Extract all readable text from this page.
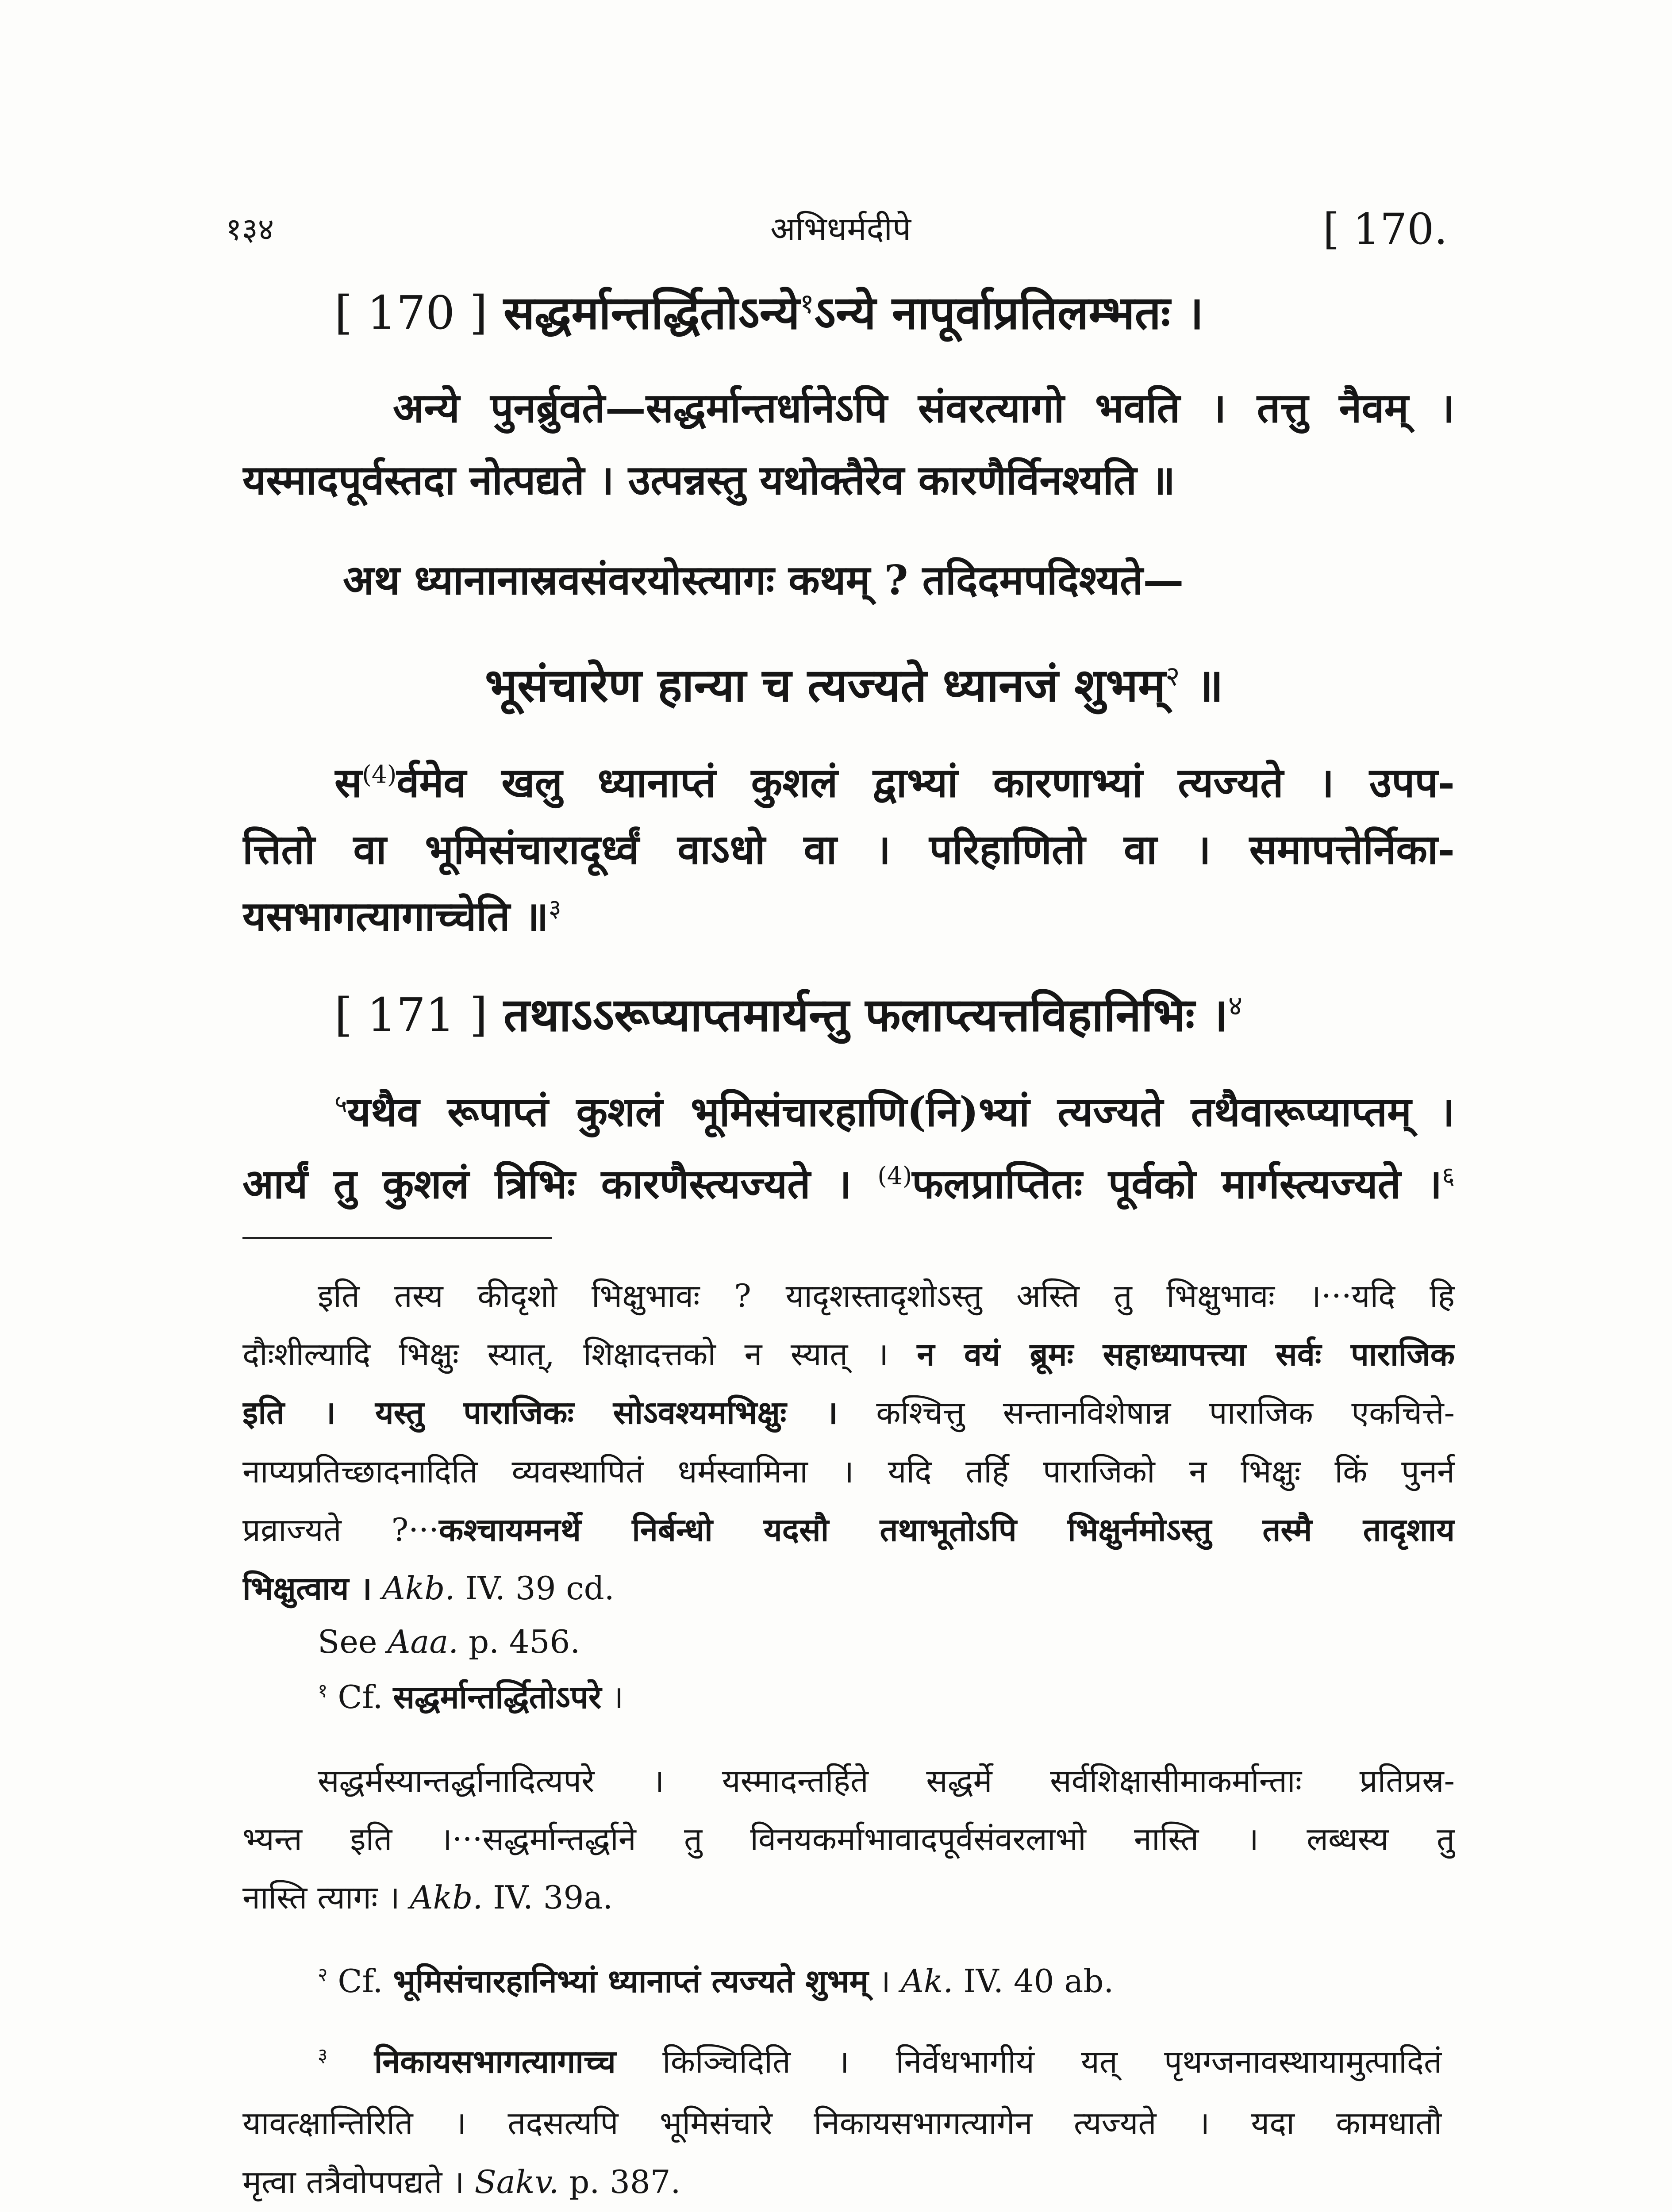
१३४	अभिधर्मदीपे	[ 170.
[ 170 ] सद्धर्मान्तर्द्धितोऽन्ये$^१$ऽन्ये नापूर्वाप्रतिलम्भतः ।
अन्ये पुनर्ब्रुवते—सद्धर्मान्तर्धानेऽपि संवरत्यागो भवति । तत्तु नैवम् ।
यस्मादपूर्वस्तदा नोत्पद्यते । उत्पन्नस्तु यथोक्तैरेव कारणैर्विनश्यति ॥
अथ ध्यानानास्रवसंवरयोस्त्यागः कथम् ? तदिदमपदिश्यते—
भूसंचारेण हान्या च त्यज्यते ध्यानजं शुभम्$^२$ ॥
स$^{(4)}$र्वमेव खलु ध्यानाप्तं कुशलं द्वाभ्यां कारणाभ्यां त्यज्यते । उपप-
त्तितो वा भूमिसंचारादूर्ध्वं वाऽधो वा । परिहाणितो वा । समापत्तेर्निका-
यसभागत्यागाच्चेति ॥$^३$
[ 171 ] तथाऽऽरूप्याप्तमार्यन्तु फलाप्त्यत्तविहानिभिः ।$^४$
$^५$यथैव रूपाप्तं कुशलं भूमिसंचारहाणि(नि)भ्यां त्यज्यते तथैवारूप्याप्तम् ।
आर्यं तु कुशलं त्रिभिः कारणैस्त्यज्यते । $^{(4)}$फलप्राप्तितः पूर्वको मार्गस्त्यज्यते ।$^६$
इति तस्य कीदृशो भिक्षुभावः ? यादृशस्तादृशोऽस्तु अस्ति तु भिक्षुभावः ।···यदि हि
दौःशील्यादि भिक्षुः स्यात्, शिक्षादत्तको न स्यात् । न वयं ब्रूमः सहाध्यापत्त्या सर्वः पाराजिक
इति । यस्तु पाराजिकः सोऽवश्यमभिक्षुः । कश्चित्तु सन्तानविशेषान्न पाराजिक एकचित्ते-
नाप्यप्रतिच्छादनादिति व्यवस्थापितं धर्मस्वामिना । यदि तर्हि पाराजिको न भिक्षुः किं पुनर्न
प्रव्राज्यते ?···कश्चायमनर्थे निर्बन्धो यदसौ तथाभूतोऽपि भिक्षुर्नमोऽस्तु तस्मै तादृशाय
भिक्षुत्वाय । Akb. IV. 39 cd.
See Aaa. p. 456.
$^१$ Cf. सद्धर्मान्तर्द्धितोऽपरे ।
सद्धर्मस्यान्तर्द्धानादित्यपरे । यस्मादन्तर्हिते सद्धर्मे सर्वशिक्षासीमाकर्मान्ताः प्रतिप्रस्र-
भ्यन्त इति ।···सद्धर्मान्तर्द्धाने तु विनयकर्माभावादपूर्वसंवरलाभो नास्ति । लब्धस्य तु
नास्ति त्यागः । Akb. IV. 39a.
$^२$ Cf. भूमिसंचारहानिभ्यां ध्यानाप्तं त्यज्यते शुभम् । Ak. IV. 40 ab.
$^३$ निकायसभागत्यागाच्च किञ्चिदिति । निर्वेधभागीयं यत् पृथग्जनावस्थायामुत्पादितं
यावत्क्षान्तिरिति । तदसत्यपि भूमिसंचारे निकायसभागत्यागेन त्यज्यते । यदा कामधातौ
मृत्वा तत्रैवोपपद्यते । Sakv. p. 387.
